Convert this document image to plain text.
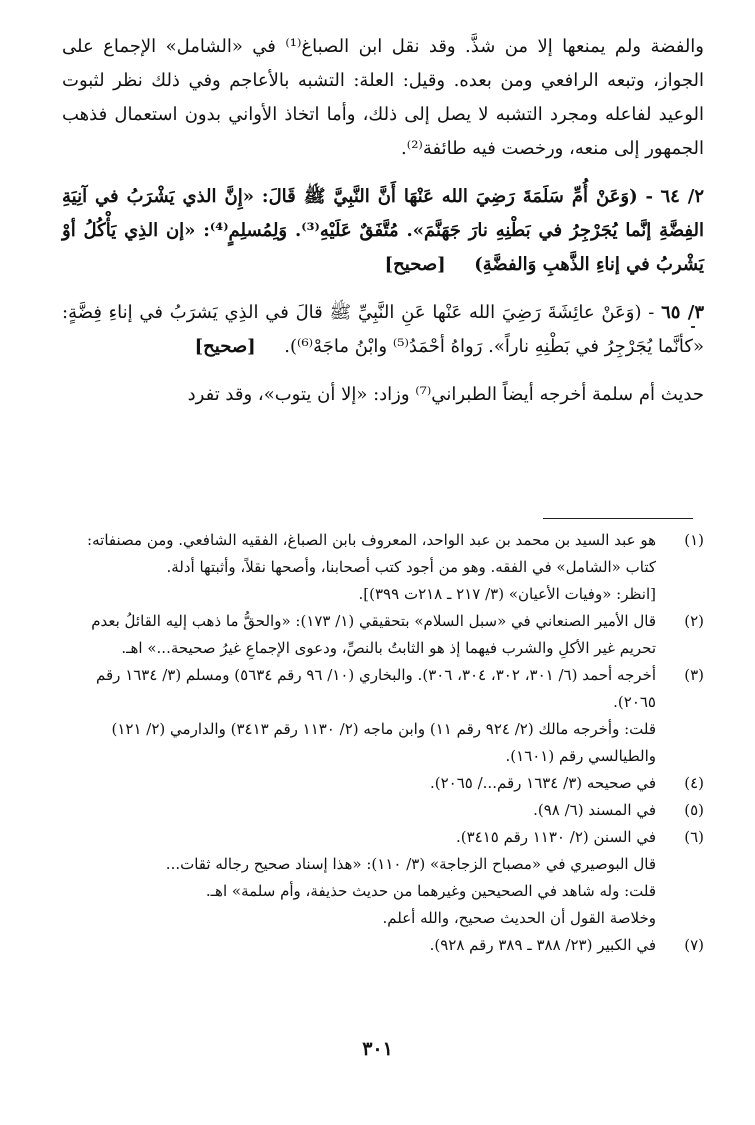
والفضة ولم يمنعها إلا من شذَّ. وقد نقل ابن الصباغ⁽¹⁾ في «الشامل» الإجماع على الجواز، وتبعه الرافعي ومن بعده. وقيل: العلة: التشبه بالأعاجم وفي ذلك نظر لثبوت الوعيد لفاعله ومجرد التشبه لا يصل إلى ذلك، وأما اتخاذ الأواني بدون استعمال فذهب الجمهور إلى منعه، ورخصت فيه طائفة⁽²⁾.

٢/ ٦٤ - (وَعَنْ أُمِّ سَلَمَةَ رَضِيَ الله عَنْهَا أَنَّ النَّبِيَّ ﷺ قَالَ: «إِنَّ الذي يَشْرَبُ في آنِيَةِ الفِضَّةِ إنَّما يُجَرْجِرُ في بَطْنِهِ نارَ جَهَنَّمَ». مُتَّفَقٌ عَلَيْهِ⁽³⁾. وَلِمُسلِمٍ⁽⁴⁾: «إن الذِي يَأْكُلُ أوْ يَشْربُ في إناءِ الذَّهبِ وَالفضَّةِ)     [صحيح]

٣/ ٦٥ - (وَعَنْ عائِشَةَ رَضِيَ الله عَنْها عَنِ النَّبِيِّ ﷺ قالَ في الذِي يَشرَبُ في إناءِ فِضَّةٍ: «كأنَّما يُجَرْجِرُ في بَطْنِهِ ناراً». رَواهُ أحْمَدُ⁽⁵⁾ وابْنُ ماجَهْ⁽⁶⁾).     [صحيح]

حديث أم سلمة أخرجه أيضاً الطبراني⁽⁷⁾ وزاد: «إلا أن يتوب»، وقد تفرد

(١)
هو عبد السيد بن محمد بن عبد الواحد، المعروف بابن الصباغ، الفقيه الشافعي. ومن مصنفاته: كتاب «الشامل» في الفقه. وهو من أجود كتب أصحابنا، وأصحها نقلاً، وأثبتها أدلة.
[انظر: «وفيات الأعيان» (٣/ ٢١٧ ـ ٢١٨ت ٣٩٩)].
(٢)
قال الأمير الصنعاني في «سبل السلام» بتحقيقي (١/ ١٧٣): «والحقُّ ما ذهب إليه القائلُ بعدم تحريم غير الأكلِ والشرب فيهما إذ هو الثابتُ بالنصِّ، ودعوى الإجماعِ غيرُ صحيحة...» اهـ.
(٣)
أخرجه أحمد (٦/ ٣٠١، ٣٠٢، ٣٠٤، ٣٠٦). والبخاري (١٠/ ٩٦ رقم ٥٦٣٤) ومسلم (٣/ ١٦٣٤ رقم ٢٠٦٥).
قلت: وأخرجه مالك (٢/ ٩٢٤ رقم ١١) وابن ماجه (٢/ ١١٣٠ رقم ٣٤١٣) والدارمي (٢/ ١٢١) والطيالسي رقم (١٦٠١).
(٤)
في صحيحه (٣/ ١٦٣٤ رقم.../ ٢٠٦٥).
(٥)
في المسند (٦/ ٩٨).
(٦)
في السنن (٢/ ١١٣٠ رقم ٣٤١٥).
قال البوصيري في «مصباح الزجاجة» (٣/ ١١٠): «هذا إسناد صحيح رجاله ثقات...
قلت: وله شاهد في الصحيحين وغيرهما من حديث حذيفة، وأم سلمة» اهـ.
وخلاصة القول أن الحديث صحيح، والله أعلم.
(٧)
في الكبير (٢٣/ ٣٨٨ ـ ٣٨٩ رقم ٩٢٨).
٣٠١
